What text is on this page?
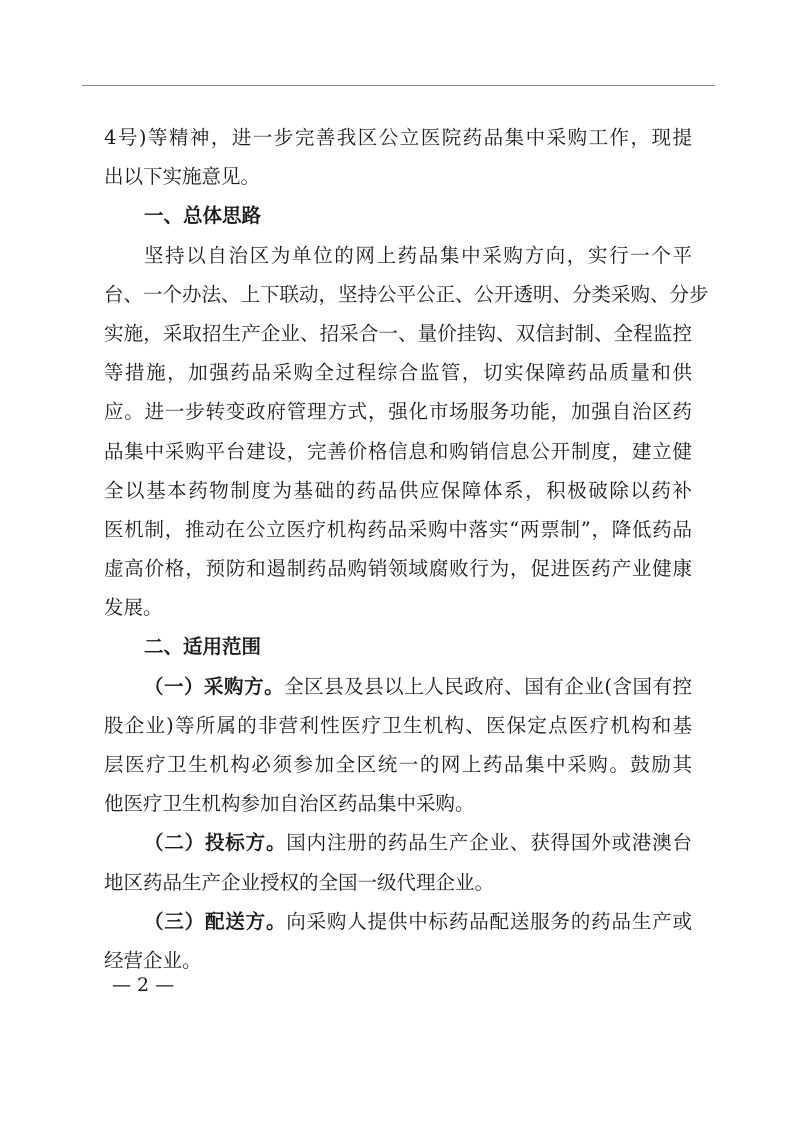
4号)等精神，进一步完善我区公立医院药品集中采购工作，现提
出以下实施意见。
一、总体思路
坚持以自治区为单位的网上药品集中采购方向，实行一个平
台、一个办法、上下联动，坚持公平公正、公开透明、分类采购、分步
实施，采取招生产企业、招采合一、量价挂钩、双信封制、全程监控
等措施，加强药品采购全过程综合监管，切实保障药品质量和供
应。进一步转变政府管理方式，强化市场服务功能，加强自治区药
品集中采购平台建设，完善价格信息和购销信息公开制度，建立健
全以基本药物制度为基础的药品供应保障体系，积极破除以药补
医机制，推动在公立医疗机构药品采购中落实“两票制”，降低药品
虚高价格，预防和遏制药品购销领域腐败行为，促进医药产业健康
发展。
二、适用范围
（一）采购方。全区县及县以上人民政府、国有企业(含国有控
股企业)等所属的非营利性医疗卫生机构、医保定点医疗机构和基
层医疗卫生机构必须参加全区统一的网上药品集中采购。鼓励其
他医疗卫生机构参加自治区药品集中采购。
（二）投标方。国内注册的药品生产企业、获得国外或港澳台
地区药品生产企业授权的全国一级代理企业。
（三）配送方。向采购人提供中标药品配送服务的药品生产或
经营企业。
— 2 —
